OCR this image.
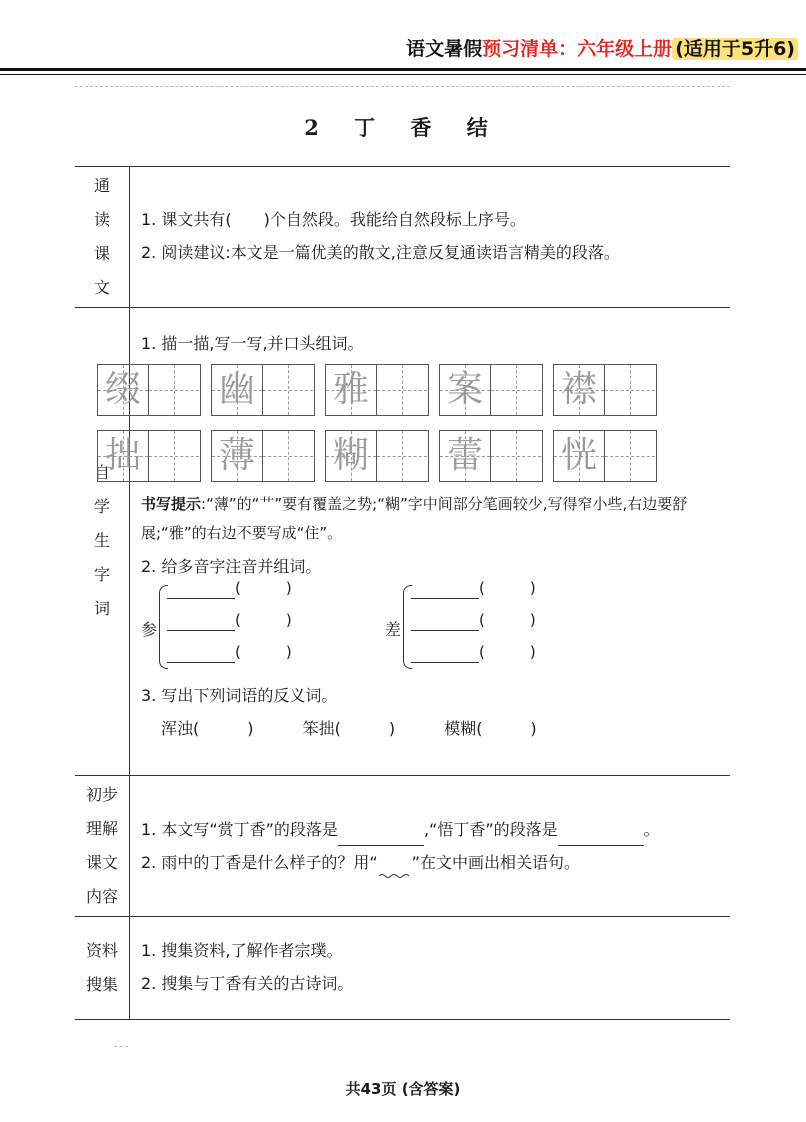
语文暑假预习清单：六年级上册 (适用于5升6)
2 丁 香 结
通
读
课
文
1. 课文共有(　　)个自然段。我能给自然段标上序号。
2. 阅读建议:本文是一篇优美的散文,注意反复通读语言精美的段落。
自
学
生
字
词
1. 描一描,写一写,并口头组词。
缀 幽 雅 案 襟
拙 薄 糊 蕾 恍
书写提示:“薄”的“艹”要有覆盖之势;“糊”字中间部分笔画较少,写得窄小些,右边要舒展;“雅”的右边不要写成“住”。
2. 给多音字注音并组词。
参
(　　　)
(　　　)
(　　　)
差
(　　　)
(　　　)
(　　　)
3. 写出下列词语的反义词。
浑浊(　　　)	笨拙(　　　)	模糊(　　　)
初步
理解
课文
内容
1. 本文写“赏丁香”的段落是	,“悟丁香”的段落是	。
2. 雨中的丁香是什么样子的？用“ ”在文中画出相关语句。
资料
搜集
1. 搜集资料,了解作者宗璞。
2. 搜集与丁香有关的古诗词。
共43页 (含答案)
